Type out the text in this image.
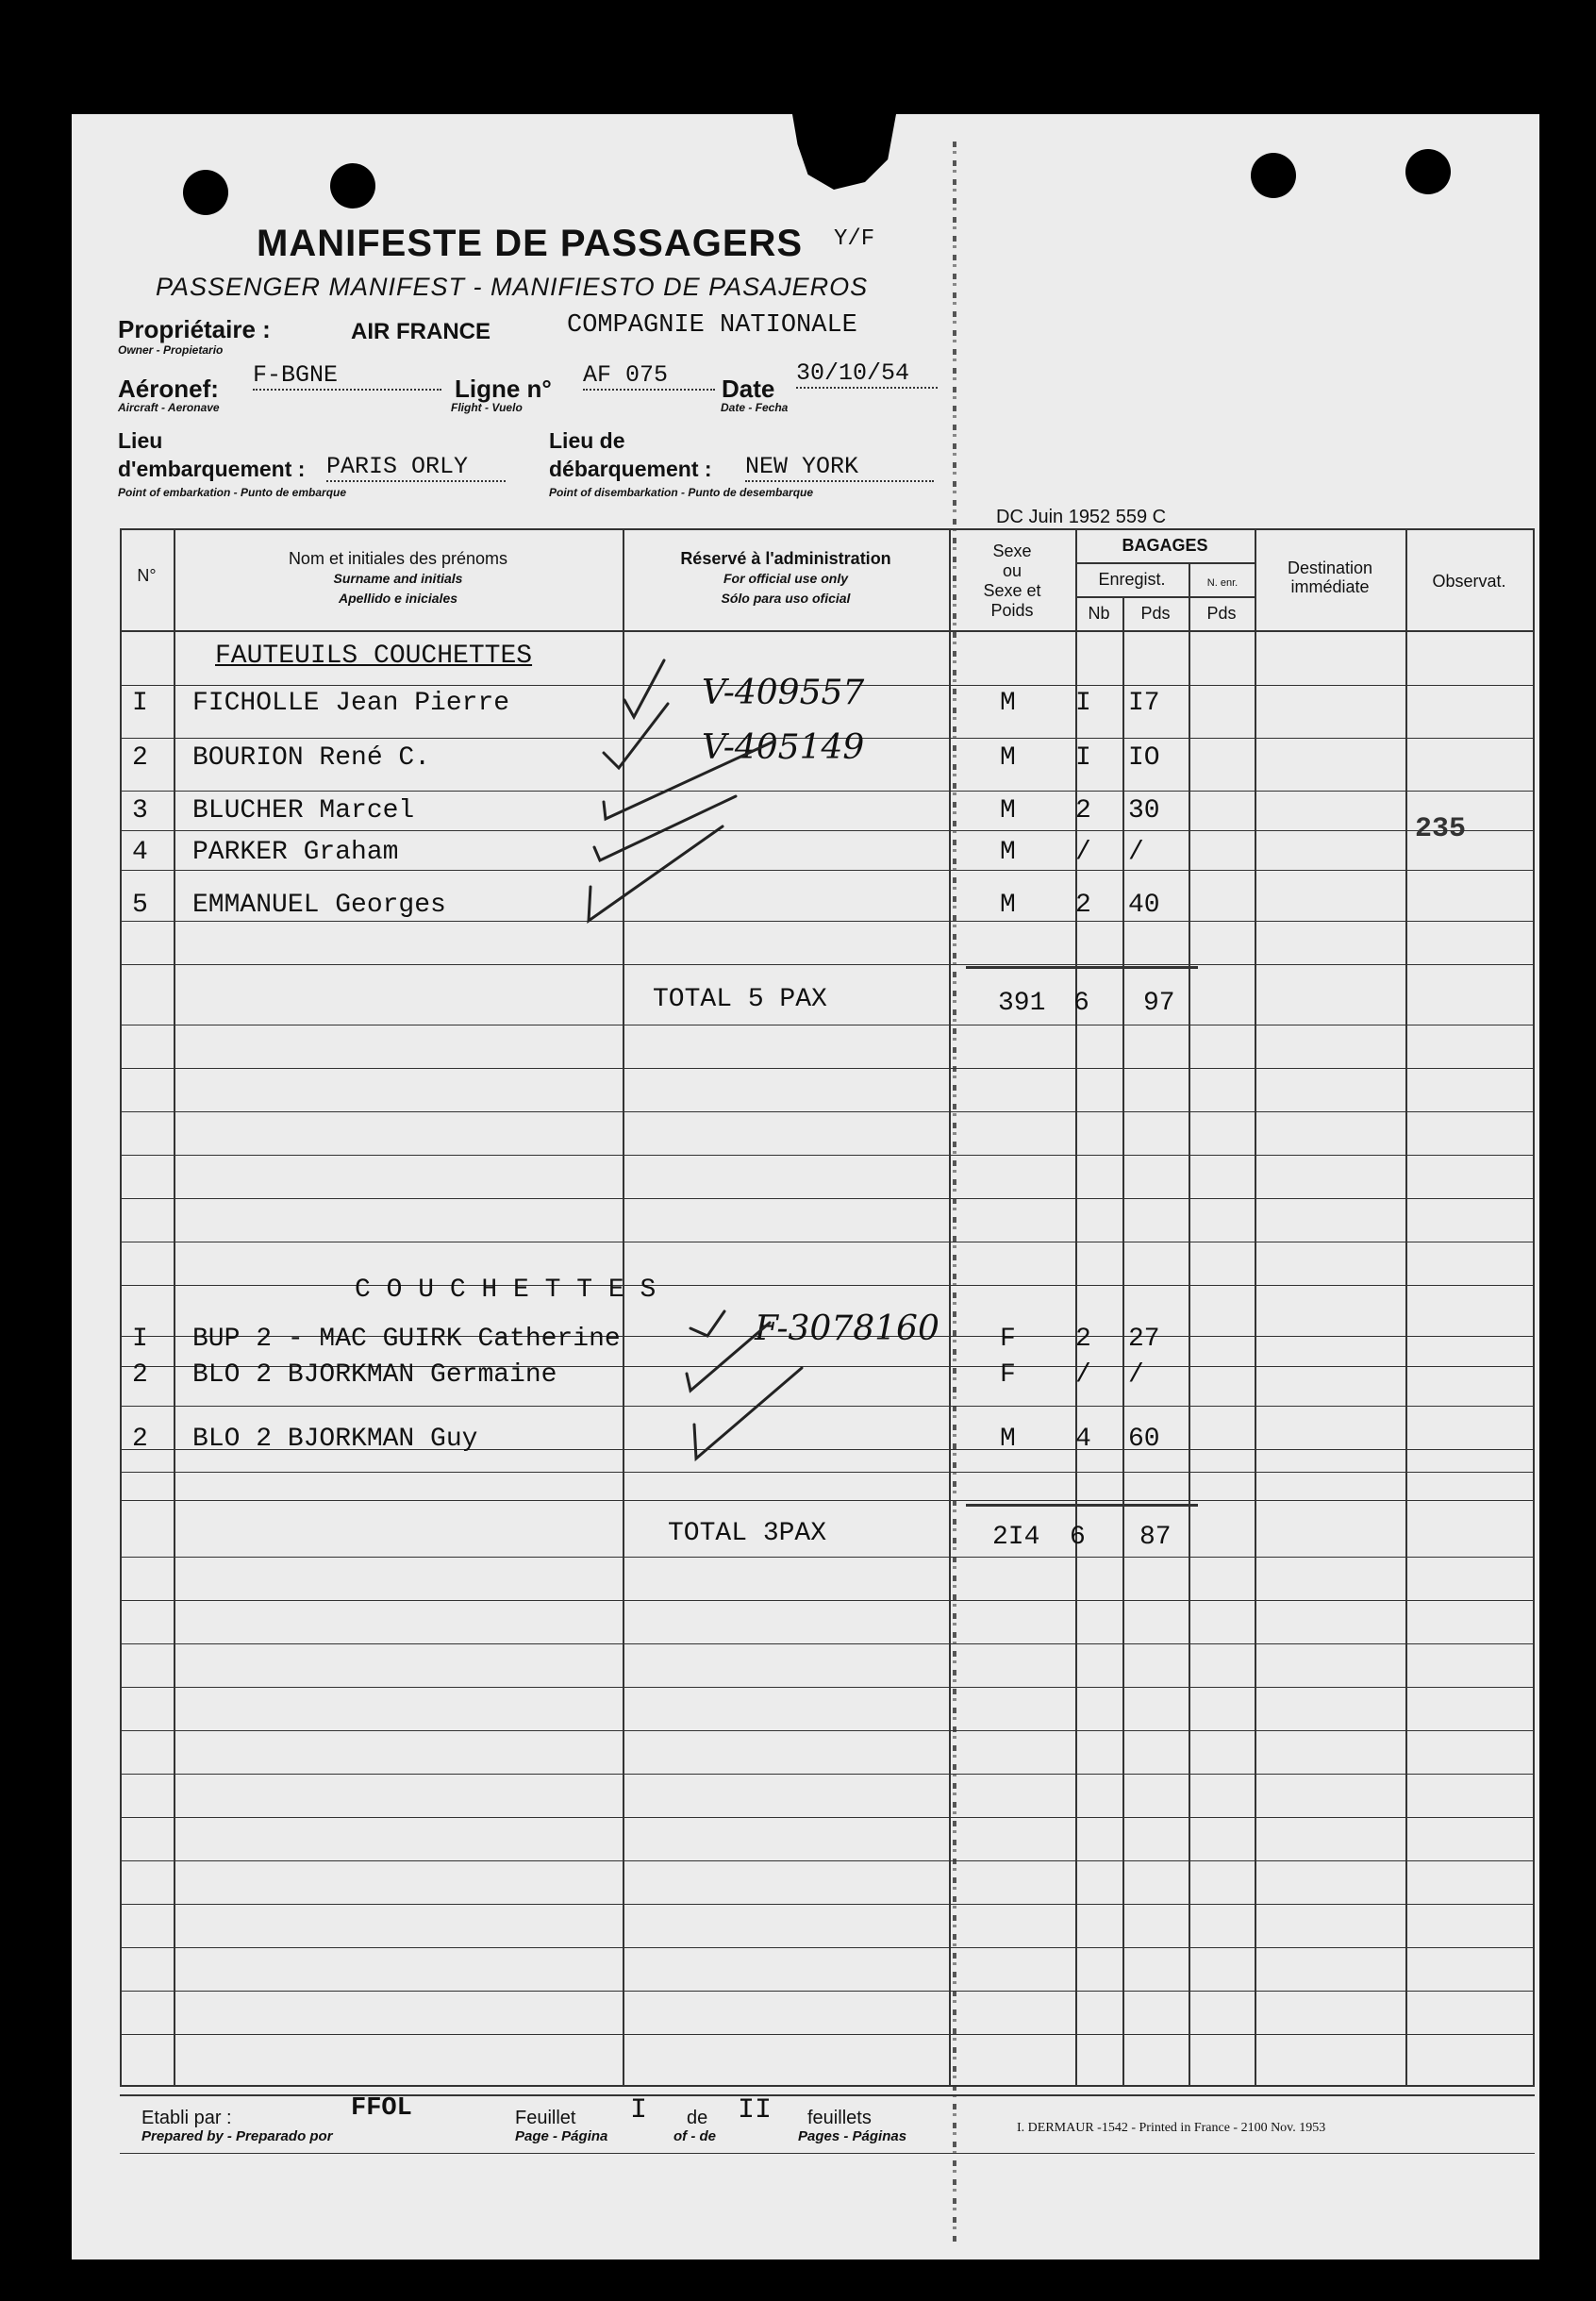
MANIFESTE DE PASSAGERS Y/F
PASSENGER MANIFEST - MANIFIESTO DE PASAJEROS
Propriétaire :
Owner - Propietario
AIR FRANCE	COMPAGNIE NATIONALE
Aéronef: F-BGNE
Aircraft - Aeronave
Ligne n° AF 075
Flight - Vuelo
Date
30/10/54
Date - Fecha
Lieu
d'embarquement : PARIS ORLY
Point of embarkation - Punto de embarque
Lieu de
débarquement : NEW YORK
Point of disembarkation - Punto de desembarque
DC Juin 1952 559 C
N°
Nom et initiales des prénoms
Surname and initials
Apellido e iniciales
Réservé à l'administration
For official use only
Sólo para uso oficial
Sexe
ou
Sexe et
Poids
BAGAGES
Enregist.	N. enr.
Nb	Pds	Pds
Destination
immédiate	Observat.
FAUTEUILS COUCHETTES
I FICHOLLE Jean Pierre	M I I7
V-409557
2 BOURION René C.	M I IO
V-405149
3 BLUCHER Marcel	M 2 30
4 PARKER Graham	M / /
5 EMMANUEL Georges	M 2 40
235
TOTAL 5 PAX	391 6 97
C O U C H E T T E S
I BUP 2 - MAC GUIRK Catherine	F 2 27
F-3078160
2 BLO 2 BJORKMAN Germaine	F / /
2 BLO 2 BJORKMAN Guy	M 4 60
TOTAL 3PAX	2I4 6 87
Etabli par :
Prepared by - Preparado por
FFOL	Feuillet
Page - Página
I de
of - de
II feuillets
Pages - Páginas
I. DERMAUR -1542 - Printed in France - 2100 Nov. 1953
